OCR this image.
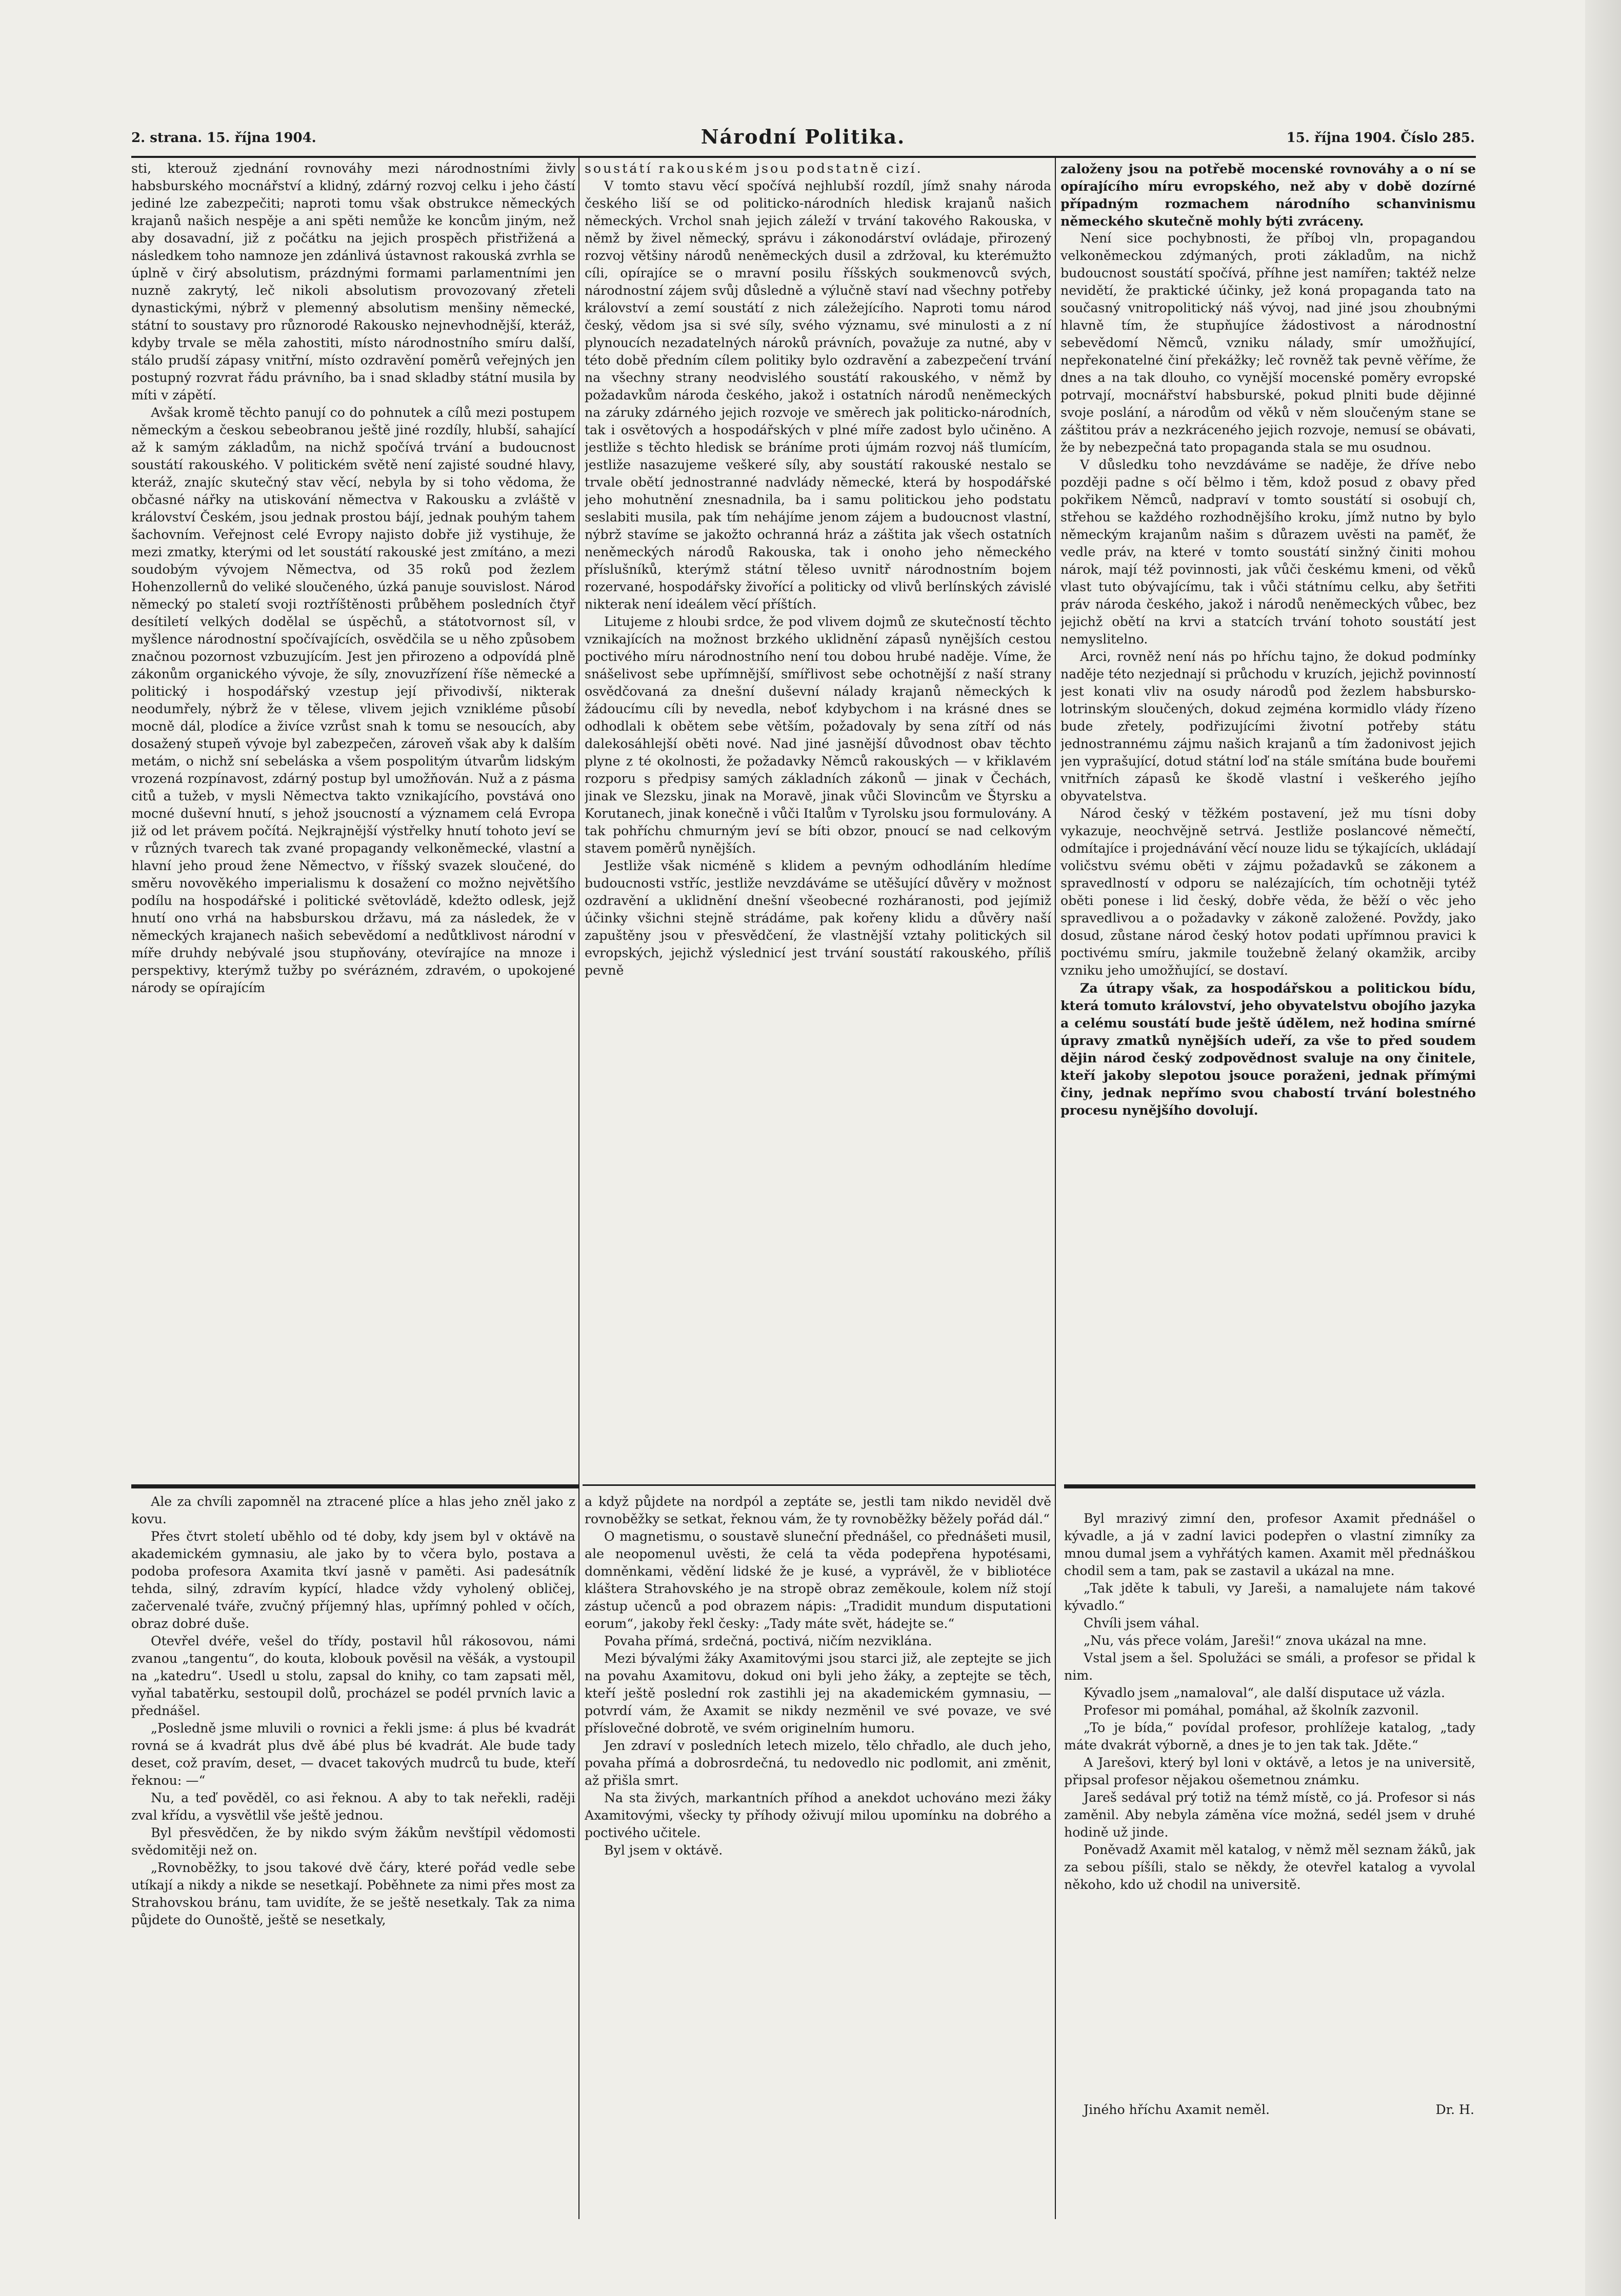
2. strana. 15. října 1904.	Národní Politika.	15. října 1904. Číslo 285.

sti, kterouž zjednání rovnováhy mezi národnostními živly habsburského mocnářství a klidný, zdárný rozvoj celku i jeho částí jediné lze zabezpečiti; naproti tomu však obstrukce německých krajanů našich nespěje a ani spěti nemůže ke koncům jiným, než aby dosavadní, již z počátku na jejich prospěch přistřižená a následkem toho namnoze jen zdánlivá ústavnost rakouská zvrhla se úplně v čirý absolutism, prázdnými formami parlamentními jen nuzně zakrytý, leč nikoli absolutism provozovaný zřeteli dynastickými, nýbrž v plemenný absolutism menšiny německé, státní to soustavy pro různorodé Rakousko nejnevhodnější, kteráž, kdyby trvale se měla zahostiti, místo národnostního smíru další, stálo prudší zápasy vnitřní, místo ozdravění poměrů veřejných jen postupný rozvrat řádu právního, ba i snad skladby státní musila by míti v zápětí.

Avšak kromě těchto panují co do pohnutek a cílů mezi postupem německým a českou sebeobranou ještě jiné rozdíly, hlubší, sahající až k samým základům, na nichž spočívá trvání a budoucnost soustátí rakouského. V politickém světě není zajisté soudné hlavy, kteráž, znajíc skutečný stav věcí, nebyla by si toho vědoma, že občasné nářky na utiskování němectva v Rakousku a zvláště v království Českém, jsou jednak prostou bájí, jednak pouhým tahem šachovním. Veřejnost celé Evropy najisto dobře již vystihuje, že mezi zmatky, kterými od let soustátí rakouské jest zmítáno, a mezi soudobým vývojem Němectva, od 35 roků pod žezlem Hohenzollernů do veliké sloučeného, úzká panuje souvislost. Národ německý po staletí svoji roztříštěnosti průběhem posledních čtyř desítiletí velkých dodělal se úspěchů, a státotvornost síl, v myšlence národnostní spočívajících, osvědčila se u něho způsobem značnou pozornost vzbuzujícím. Jest jen přirozeno a odpovídá plně zákonům organického vývoje, že síly, znovuzřízení říše německé a politický i hospodářský vzestup její přivodivší, nikterak neodumřely, nýbrž že v tělese, vlivem jejich vznikléme působí mocně dál, plodíce a živíce vzrůst snah k tomu se nesoucích, aby dosažený stupeň vývoje byl zabezpečen, zároveň však aby k dalším metám, o nichž sní sebeláska a všem pospolitým útvarům lidským vrozená rozpínavost, zdárný postup byl umožňován. Nuž a z pásma citů a tužeb, v mysli Němectva takto vznikajícího, povstává ono mocné duševní hnutí, s jehož jsoucností a významem celá Evropa již od let právem počítá. Nejkrajnější výstřelky hnutí tohoto jeví se v různých tvarech tak zvané propagandy velkoněmecké, vlastní a hlavní jeho proud žene Němectvo, v říšský svazek sloučené, do směru novověkého imperialismu k dosažení co možno největšího podílu na hospodářské i politické světovládě, kdežto odlesk, jejž hnutí ono vrhá na habsburskou državu, má za následek, že v německých krajanech našich sebevědomí a nedůtklivost národní v míře druhdy nebývalé jsou stupňovány, otevírajíce na mnoze i perspektivy, kterýmž tužby po svérázném, zdravém, o upokojené národy se opírajícím

soustátí rakouském jsou podstatně cizí.

V tomto stavu věcí spočívá nejhlubší rozdíl, jímž snahy národa českého liší se od politicko-národních hledisk krajanů našich německých. Vrchol snah jejich záleží v trvání takového Rakouska, v němž by živel německý, správu i zákonodárství ovládaje, přirozený rozvoj většiny národů neněmeckých dusil a zdržoval, ku kterémužto cíli, opírajíce se o mravní posilu říšských soukmenovců svých, národnostní zájem svůj důsledně a výlučně staví nad všechny potřeby království a zemí soustátí z nich záležejícího. Naproti tomu národ český, vědom jsa si své síly, svého významu, své minulosti a z ní plynoucích nezadatelných nároků právních, považuje za nutné, aby v této době předním cílem politiky bylo ozdravění a zabezpečení trvání na všechny strany neodvislého soustátí rakouského, v němž by požadavkům národa českého, jakož i ostatních národů neněmeckých na záruky zdárného jejich rozvoje ve směrech jak politicko-národních, tak i osvětových a hospodářských v plné míře zadost bylo učiněno. A jestliže s těchto hledisk se bráníme proti újmám rozvoj náš tlumícím, jestliže nasazujeme veškeré síly, aby soustátí rakouské nestalo se trvale obětí jednostranné nadvlády německé, která by hospodářské jeho mohutnění znesnadnila, ba i samu politickou jeho podstatu seslabiti musila, pak tím nehájíme jenom zájem a budoucnost vlastní, nýbrž stavíme se jakožto ochranná hráz a záštita jak všech ostatních neněmeckých národů Rakouska, tak i onoho jeho německého příslušníků, kterýmž státní těleso uvnitř národnostním bojem rozervané, hospodářsky živořící a politicky od vlivů berlínských závislé nikterak není ideálem věcí příštích.

Litujeme z hloubi srdce, že pod vlivem dojmů ze skutečností těchto vznikajících na možnost brzkého uklidnění zápasů nynějších cestou poctivého míru národnostního není tou dobou hrubé naděje. Víme, že snášelivost sebe upřímnější, smířlivost sebe ochotnější z naší strany osvědčovaná za dnešní duševní nálady krajanů německých k žádoucímu cíli by nevedla, neboť kdybychom i na krásné dnes se odhodlali k obětem sebe větším, požadovaly by sena zítří od nás dalekosáhlejší oběti nové. Nad jiné jasnější důvodnost obav těchto plyne z té okolnosti, že požadavky Němců rakouských — v křiklavém rozporu s předpisy samých základních zákonů — jinak v Čechách, jinak ve Slezsku, jinak na Moravě, jinak vůči Slovincům ve Štyrsku a Korutanech, jinak konečně i vůči Italům v Tyrolsku jsou formulovány. A tak pohříchu chmurným jeví se bíti obzor, pnoucí se nad celkovým stavem poměrů nynějších.

Jestliže však nicméně s klidem a pevným odhodláním hledíme budoucnosti vstříc, jestliže nevzdáváme se utěšující důvěry v možnost ozdravění a uklidnění dnešní všeobecné rozháranosti, pod jejímiž účinky všichni stejně strádáme, pak kořeny klidu a důvěry naší zapuštěny jsou v přesvědčení, že vlastnější vztahy politických sil evropských, jejichž výslednicí jest trvání soustátí rakouského, příliš pevně

založeny jsou na potřebě mocenské rovnováhy a o ní se opírajícího míru evropského, než aby v době dozírné případným rozmachem národního schanvinismu německého skutečně mohly býti zvráceny.

Není sice pochybnosti, že příboj vln, propagandou velkoněmeckou zdýmaných, proti základům, na nichž budoucnost soustátí spočívá, příhne jest namířen; taktéž nelze nevidětí, že praktické účinky, jež koná propaganda tato na současný vnitropolitický náš vývoj, nad jiné jsou zhoubnými hlavně tím, že stupňujíce žádostivost a národnostní sebevědomí Němců, vzniku nálady, smír umožňující, nepřekonatelné činí překážky; leč rovněž tak pevně věříme, že dnes a na tak dlouho, co vynější mocenské poměry evropské potrvají, mocnářství habsburské, pokud plniti bude dějinné svoje poslání, a národům od věků v něm sloučeným stane se záštitou práv a nezkráceného jejich rozvoje, nemusí se obávati, že by nebezpečná tato propaganda stala se mu osudnou.

V důsledku toho nevzdáváme se naděje, že dříve nebo později padne s očí bělmo i těm, kdož posud z obavy před pokřikem Němců, nadpraví v tomto soustátí si osobují ch, střehou se každého rozhodnějšího kroku, jímž nutno by bylo německým krajanům našim s důrazem uvěsti na paměť, že vedle práv, na které v tomto soustátí sinžný činiti mohou nárok, mají též povinnosti, jak vůči českému kmeni, od věků vlast tuto obývajícímu, tak i vůči státnímu celku, aby šetřiti práv národa českého, jakož i národů neněmeckých vůbec, bez jejichž obětí na krvi a statcích trvání tohoto soustátí jest nemyslitelno.

Arci, rovněž není nás po hříchu tajno, že dokud podmínky naděje této nezjednají si průchodu v kruzích, jejichž povinností jest konati vliv na osudy národů pod žezlem habsbursko-lotrinským sloučených, dokud zejména kormidlo vlády řízeno bude zřetely, podřizujícími životní potřeby státu jednostrannému zájmu našich krajanů a tím žadonivost jejich jen vyprašující, dotud státní loď na stále smítána bude bouřemi vnitřních zápasů ke škodě vlastní i veškerého jejího obyvatelstva.

Národ český v těžkém postavení, jež mu tísni doby vykazuje, neochvějně setrvá. Jestliže poslancové němečtí, odmítajíce i projednávání věcí nouze lidu se týkajících, ukládají voličstvu svému oběti v zájmu požadavků se zákonem a spravedlností v odporu se nalézajících, tím ochotněji tytéž oběti ponese i lid český, dobře věda, že běží o věc jeho spravedlivou a o požadavky v zákoně založené. Povždy, jako dosud, zůstane národ český hotov podati upřímnou pravici k poctivému smíru, jakmile toužebně želaný okamžik, arciby vzniku jeho umožňující, se dostaví.

Za útrapy však, za hospodářskou a politickou bídu, která tomuto království, jeho obyvatelstvu obojího jazyka a celému soustátí bude ještě údělem, než hodina smírné úpravy zmatků nynějších udeří, za vše to před soudem dějin národ český zodpovědnost svaluje na ony činitele, kteří jakoby slepotou jsouce poraženi, jednak přímými činy, jednak nepřímo svou chabostí trvání bolestného procesu nynějšího dovolují.

Ale za chvíli zapomněl na ztracené plíce a hlas jeho zněl jako z kovu.

Přes čtvrt století uběhlo od té doby, kdy jsem byl v oktávě na akademickém gymnasiu, ale jako by to včera bylo, postava a podoba profesora Axamita tkví jasně v paměti. Asi padesátník tehda, silný, zdravím kypící, hladce vždy vyholený obličej, začervenalé tváře, zvučný příjemný hlas, upřímný pohled v očích, obraz dobré duše.

Otevřel dvéře, vešel do třídy, postavil hůl rákosovou, námi zvanou „tangentu“, do kouta, klobouk pověsil na věšák, a vystoupil na „katedru“. Usedl u stolu, zapsal do knihy, co tam zapsati měl, vyňal tabatěrku, sestoupil dolů, procházel se podél prvních lavic a přednášel.

„Posledně jsme mluvili o rovnici a řekli jsme: á plus bé kvadrát rovná se á kvadrát plus dvě ábé plus bé kvadrát. Ale bude tady deset, což pravím, deset, — dvacet takových mudrců tu bude, kteří řeknou: —“

Nu, a teď pověděl, co asi řeknou. A aby to tak neřekli, raději zval křídu, a vysvětlil vše ještě jednou.

Byl přesvědčen, že by nikdo svým žákům nevštípil vědomosti svědomitěji než on.

„Rovnoběžky, to jsou takové dvě čáry, které pořád vedle sebe utíkají a nikdy a nikde se nesetkají. Poběhnete za nimi přes most za Strahovskou bránu, tam uvidíte, že se ještě nesetkaly. Tak za nima půjdete do Ounoště, ještě se nesetkaly,

a když půjdete na nordpól a zeptáte se, jestli tam nikdo neviděl dvě rovnoběžky se setkat, řeknou vám, že ty rovnoběžky běžely pořád dál.“

O magnetismu, o soustavě sluneční přednášel, co přednášeti musil, ale neopomenul uvěsti, že celá ta věda podepřena hypotésami, domněnkami, vědění lidské že je kusé, a vyprávěl, že v bibliotéce kláštera Strahovského je na stropě obraz zeměkoule, kolem níž stojí zástup učenců a pod obrazem nápis: „Tradidit mundum disputationi eorum“, jakoby řekl česky: „Tady máte svět, hádejte se.“

Povaha přímá, srdečná, poctivá, ničím nezviklána.

Mezi bývalými žáky Axamitovými jsou starci již, ale zeptejte se jich na povahu Axamitovu, dokud oni byli jeho žáky, a zeptejte se těch, kteří ještě poslední rok zastihli jej na akademickém gymnasiu, — potvrdí vám, že Axamit se nikdy nezměnil ve své povaze, ve své příslovečné dobrotě, ve svém originelním humoru.

Jen zdraví v posledních letech mizelo, tělo chřadlo, ale duch jeho, povaha přímá a dobrosrdečná, tu nedovedlo nic podlomit, ani změnit, až přišla smrt.

Na sta živých, markantních příhod a anekdot uchováno mezi žáky Axamitovými, všecky ty příhody oživují milou upomínku na dobrého a poctivého učitele.

Byl jsem v oktávě.

Byl mrazivý zimní den, profesor Axamit přednášel o kývadle, a já v zadní lavici podepřen o vlastní zimníky za mnou dumal jsem a vyhřátých kamen. Axamit měl přednáškou chodil sem a tam, pak se zastavil a ukázal na mne.

„Tak jděte k tabuli, vy Jareši, a namalujete nám takové kývadlo.“

Chvíli jsem váhal.

„Nu, vás přece volám, Jareši!“ znova ukázal na mne.

Vstal jsem a šel. Spolužáci se smáli, a profesor se přidal k nim.

Kývadlo jsem „namaloval“, ale další disputace už vázla.

Profesor mi pomáhal, pomáhal, až školník zazvonil.

„To je bída,“ povídal profesor, prohlížeje katalog, „tady máte dvakrát výborně, a dnes je to jen tak tak. Jděte.“

A Jarešovi, který byl loni v oktávě, a letos je na universitě, připsal profesor nějakou ošemetnou známku.

Jareš sedával prý totiž na témž místě, co já. Profesor si nás zaměnil. Aby nebyla záměna více možná, sedél jsem v druhé hodině už jinde.

Poněvadž Axamit měl katalog, v němž měl seznam žáků, jak za sebou píšíli, stalo se někdy, že otevřel katalog a vyvolal někoho, kdo už chodil na universitě.

Jiného hříchu Axamit neměl.	Dr. H.
